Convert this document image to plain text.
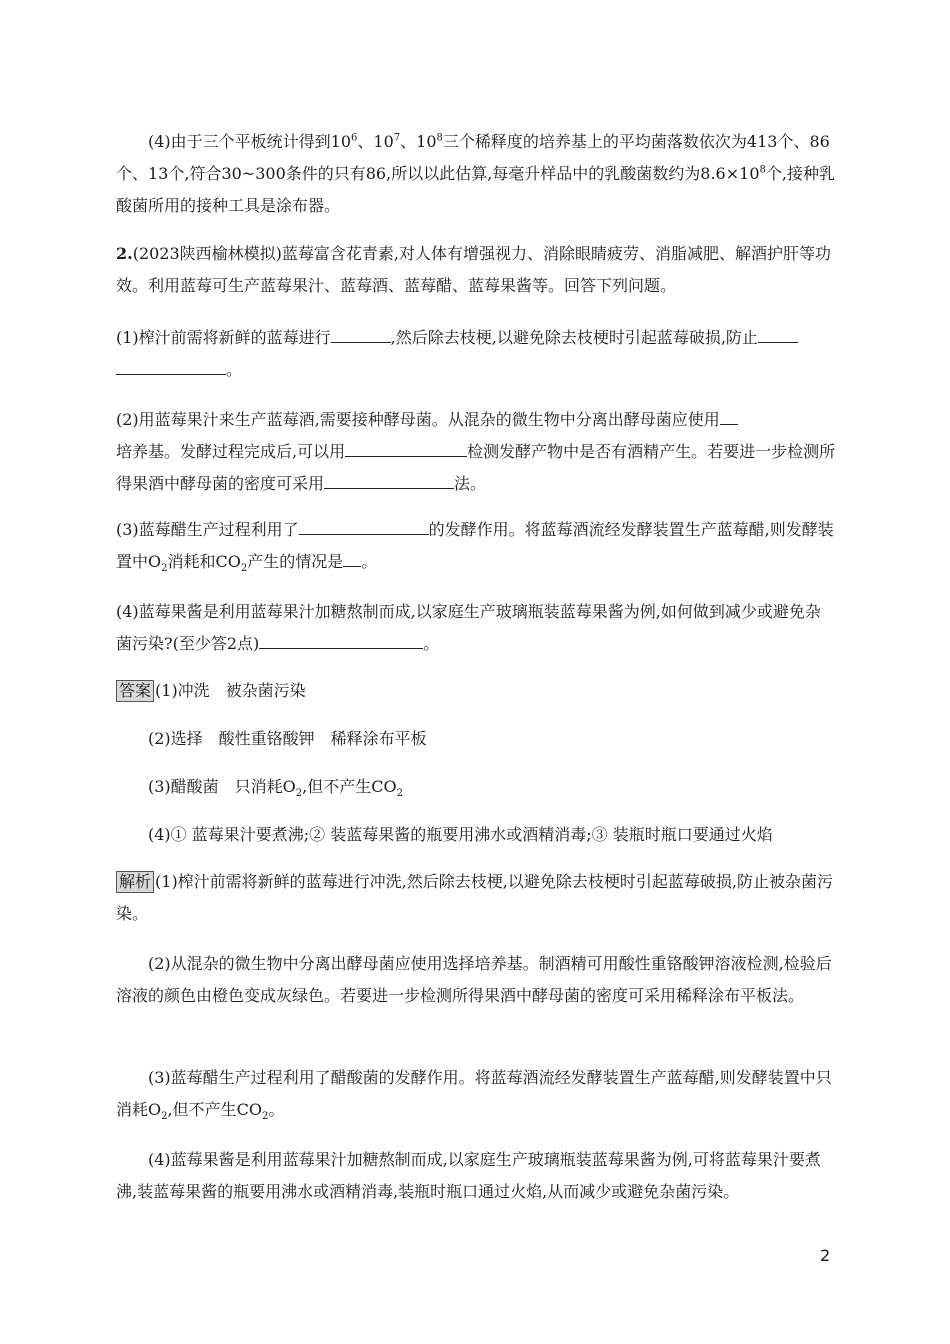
(4)由于三个平板统计得到$10^6$、$10^7$、$10^8$三个稀释度的培养基上的平均菌落数依次为413个、86个、13个,符合30~300条件的只有86,所以以此估算,每毫升样品中的乳酸菌数约为$8.6\times 10^8$个,接种乳酸菌所用的接种工具是涂布器。

2.(2023陕西榆林模拟)蓝莓富含花青素,对人体有增强视力、消除眼睛疲劳、消脂减肥、解酒护肝等功效。利用蓝莓可生产蓝莓果汁、蓝莓酒、蓝莓醋、蓝莓果酱等。回答下列问题。

(1)榨汁前需将新鲜的蓝莓进行	,然后除去枝梗,以避免除去枝梗时引起蓝莓破损,防止
。

(2)用蓝莓果汁来生产蓝莓酒,需要接种酵母菌。从混杂的微生物中分离出酵母菌应使用
培养基。发酵过程完成后,可以用	检测发酵产物中是否有酒精产生。若要进一步检测所得果酒中酵母菌的密度可采用	法。

(3)蓝莓醋生产过程利用了	的发酵作用。将蓝莓酒流经发酵装置生产蓝莓醋,则发酵装置中$O_2$消耗和$CO_2$产生的情况是 。

(4)蓝莓果酱是利用蓝莓果汁加糖熬制而成,以家庭生产玻璃瓶装蓝莓果酱为例,如何做到减少或避免杂菌污染?(至少答2点)	。

答案 (1)冲洗　被杂菌污染

(2)选择　酸性重铬酸钾　稀释涂布平板

(3)醋酸菌　只消耗$O_2$,但不产生$CO_2$

(4)① 蓝莓果汁要煮沸;② 装蓝莓果酱的瓶要用沸水或酒精消毒;③ 装瓶时瓶口要通过火焰

解析 (1)榨汁前需将新鲜的蓝莓进行冲洗,然后除去枝梗,以避免除去枝梗时引起蓝莓破损,防止被杂菌污染。

(2)从混杂的微生物中分离出酵母菌应使用选择培养基。制酒精可用酸性重铬酸钾溶液检测,检验后溶液的颜色由橙色变成灰绿色。若要进一步检测所得果酒中酵母菌的密度可采用稀释涂布平板法。

(3)蓝莓醋生产过程利用了醋酸菌的发酵作用。将蓝莓酒流经发酵装置生产蓝莓醋,则发酵装置中只消耗$O_2$,但不产生$CO_2$。

(4)蓝莓果酱是利用蓝莓果汁加糖熬制而成,以家庭生产玻璃瓶装蓝莓果酱为例,可将蓝莓果汁要煮沸,装蓝莓果酱的瓶要用沸水或酒精消毒,装瓶时瓶口通过火焰,从而减少或避免杂菌污染。

2
